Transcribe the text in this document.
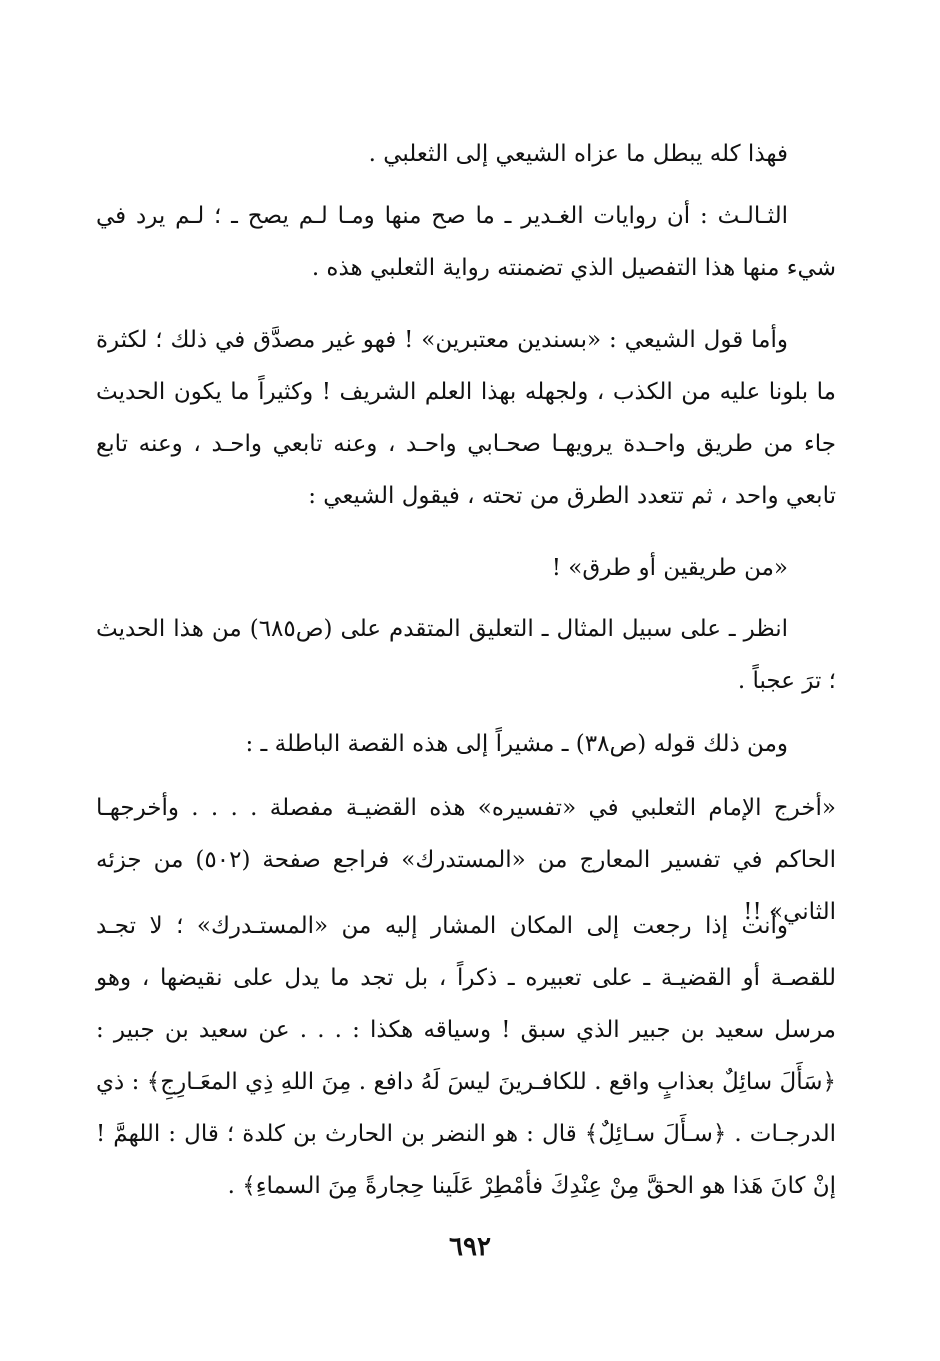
فهذا كله يبطل ما عزاه الشيعي إلى الثعلبي .

الثـالـث : أن روايات الغـدير ـ ما صح منها ومـا لـم يصح ـ ؛ لـم يرد في شيء منها هذا التفصيل الذي تضمنته رواية الثعلبي هذه .

وأما قول الشيعي : «بسندين معتبرين» ! فهو غير مصدَّق في ذلك ؛ لكثرة ما بلونا عليه من الكذب ، ولجهله بهذا العلم الشريف ! وكثيراً ما يكون الحديث جاء من طريق واحـدة يرويهـا صحـابي واحـد ، وعنه تابعي واحـد ، وعنه تابع تابعي واحد ، ثم تتعدد الطرق من تحته ، فيقول الشيعي :

«من طريقين أو طرق» !

انظر ـ على سبيل المثال ـ التعليق المتقدم على (ص٦٨٥) من هذا الحديث ؛ ترَ عجباً .

ومن ذلك قوله (ص٣٨) ـ مشيراً إلى هذه القصة الباطلة ـ :

«أخرج الإمام الثعلبي في «تفسيره» هذه القضيـة مفصلة . . . . وأخرجهـا الحاكم في تفسير المعارج من «المستدرك» فراجع صفحة (٥٠٢) من جزئه الثاني» !!

وأنت إذا رجعت إلى المكان المشار إليه من «المستـدرك» ؛ لا تجـد للقصـة أو القضيـة ـ على تعبيره ـ ذكراً ، بل تجد ما يدل على نقيضها ، وهو مرسل سعيد بن جبير الذي سبق ! وسياقه هكذا : . . . عن سعيد بن جبير : ﴿سَأَلَ سائِلٌ بعذابٍ واقع . للكافـرينَ ليسَ لَهُ دافع . مِنَ اللهِ ذِي المعَـارِجِ﴾ : ذي الدرجـات . ﴿سـأَلَ سـائِلٌ﴾ قال : هو النضر بن الحارث بن كلدة ؛ قال : اللهمَّ ! إنْ كانَ هَذا هو الحقَّ مِنْ عِنْدِكَ فأمْطِرْ عَلَينا حِجارةً مِنَ السماءِ﴾ .

٦٩٢
